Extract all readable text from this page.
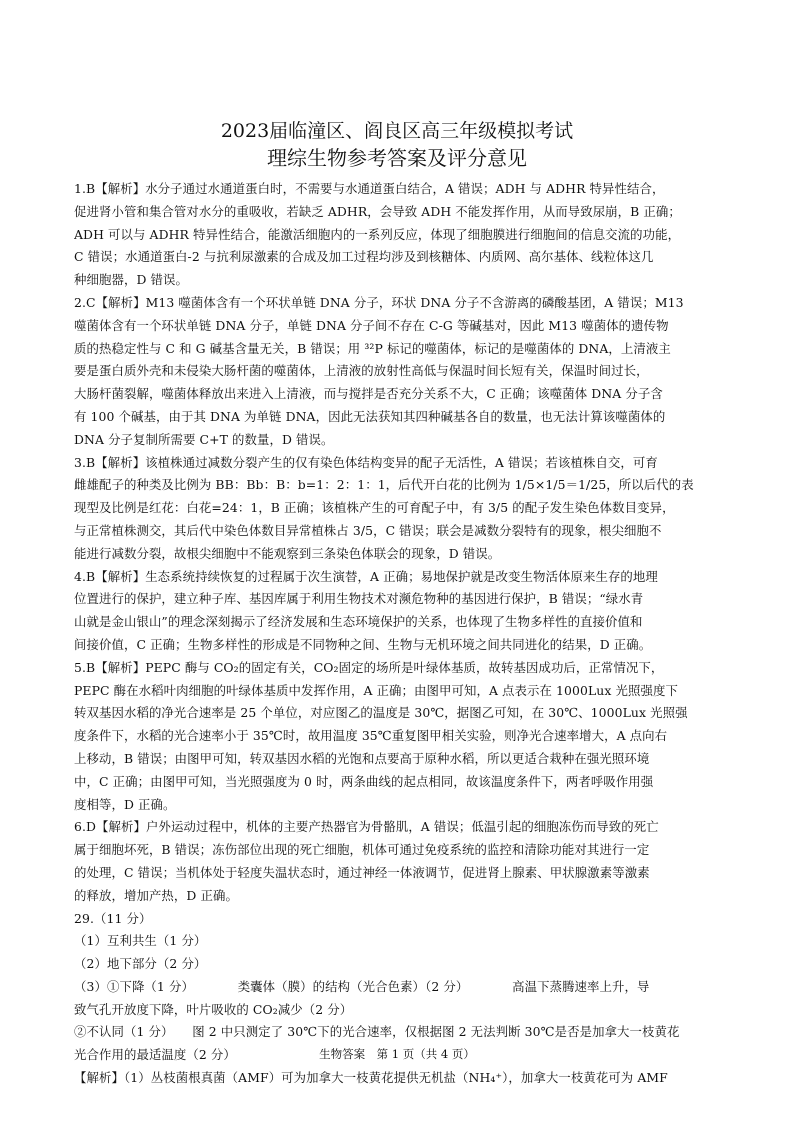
2023届临潼区、阎良区高三年级模拟考试
理综生物参考答案及评分意见
1.B【解析】水分子通过水通道蛋白时，不需要与水通道蛋白结合，A 错误；ADH 与 ADHR 特异性结合，
促进肾小管和集合管对水分的重吸收，若缺乏 ADHR，会导致 ADH 不能发挥作用，从而导致尿崩，B 正确；
ADH 可以与 ADHR 特异性结合，能激活细胞内的一系列反应，体现了细胞膜进行细胞间的信息交流的功能，
C 错误；水通道蛋白-2 与抗利尿激素的合成及加工过程均涉及到核糖体、内质网、高尔基体、线粒体这几
种细胞器，D 错误。
2.C【解析】M13 噬菌体含有一个环状单链 DNA 分子，环状 DNA 分子不含游离的磷酸基团，A 错误；M13
噬菌体含有一个环状单链 DNA 分子，单链 DNA 分子间不存在 C-G 等碱基对，因此 M13 噬菌体的遗传物
质的热稳定性与 C 和 G 碱基含量无关，B 错误；用 ³²P 标记的噬菌体，标记的是噬菌体的 DNA，上清液主
要是蛋白质外壳和未侵染大肠杆菌的噬菌体，上清液的放射性高低与保温时间长短有关，保温时间过长，
大肠杆菌裂解，噬菌体释放出来进入上清液，而与搅拌是否充分关系不大，C 正确；该噬菌体 DNA 分子含
有 100 个碱基，由于其 DNA 为单链 DNA，因此无法获知其四种碱基各自的数量，也无法计算该噬菌体的
DNA 分子复制所需要 C+T 的数量，D 错误。
3.B【解析】该植株通过减数分裂产生的仅有染色体结构变异的配子无活性，A 错误；若该植株自交，可育
雌雄配子的种类及比例为 BB：Bb：B：b=1：2：1：1，后代开白花的比例为 1/5×1/5＝1/25，所以后代的表
现型及比例是红花：白花=24：1，B 正确；该植株产生的可育配子中，有 3/5 的配子发生染色体数目变异，
与正常植株测交，其后代中染色体数目异常植株占 3/5，C 错误；联会是减数分裂特有的现象，根尖细胞不
能进行减数分裂，故根尖细胞中不能观察到三条染色体联会的现象，D 错误。
4.B【解析】生态系统持续恢复的过程属于次生演替，A 正确；易地保护就是改变生物活体原来生存的地理
位置进行的保护，建立种子库、基因库属于利用生物技术对濒危物种的基因进行保护，B 错误；“绿水青
山就是金山银山”的理念深刻揭示了经济发展和生态环境保护的关系，也体现了生物多样性的直接价值和
间接价值，C 正确；生物多样性的形成是不同物种之间、生物与无机环境之间共同进化的结果，D 正确。
5.B【解析】PEPC 酶与 CO₂的固定有关，CO₂固定的场所是叶绿体基质，故转基因成功后，正常情况下，
PEPC 酶在水稻叶肉细胞的叶绿体基质中发挥作用，A 正确；由图甲可知，A 点表示在 1000Lux 光照强度下
转双基因水稻的净光合速率是 25 个单位，对应图乙的温度是 30℃，据图乙可知，在 30℃、1000Lux 光照强
度条件下，水稻的光合速率小于 35℃时，故用温度 35℃重复图甲相关实验，则净光合速率增大，A 点向右
上移动，B 错误；由图甲可知，转双基因水稻的光饱和点要高于原种水稻，所以更适合栽种在强光照环境
中，C 正确；由图甲可知，当光照强度为 0 时，两条曲线的起点相同，故该温度条件下，两者呼吸作用强
度相等，D 正确。
6.D【解析】户外运动过程中，机体的主要产热器官为骨骼肌，A 错误；低温引起的细胞冻伤而导致的死亡
属于细胞坏死，B 错误；冻伤部位出现的死亡细胞，机体可通过免疫系统的监控和清除功能对其进行一定
的处理，C 错误；当机体处于轻度失温状态时，通过神经一体液调节，促进肾上腺素、甲状腺激素等激素
的释放，增加产热，D 正确。
29.（11 分）
（1）互利共生（1 分）
（2）地下部分（2 分）
（3）①下降（1 分）　　　　类囊体（膜）的结构（光合色素）（2 分）　　　　高温下蒸腾速率上升，导
致气孔开放度下降，叶片吸收的 CO₂减少（2 分）
②不认同（1 分）　　图 2 中只测定了 30℃下的光合速率，仅根据图 2 无法判断 30℃是否是加拿大一枝黄花
光合作用的最适温度（2 分）
【解析】（1）丛枝菌根真菌（AMF）可为加拿大一枝黄花提供无机盐（NH₄⁺），加拿大一枝黄花可为 AMF
生物答案　第 1 页（共 4 页）
